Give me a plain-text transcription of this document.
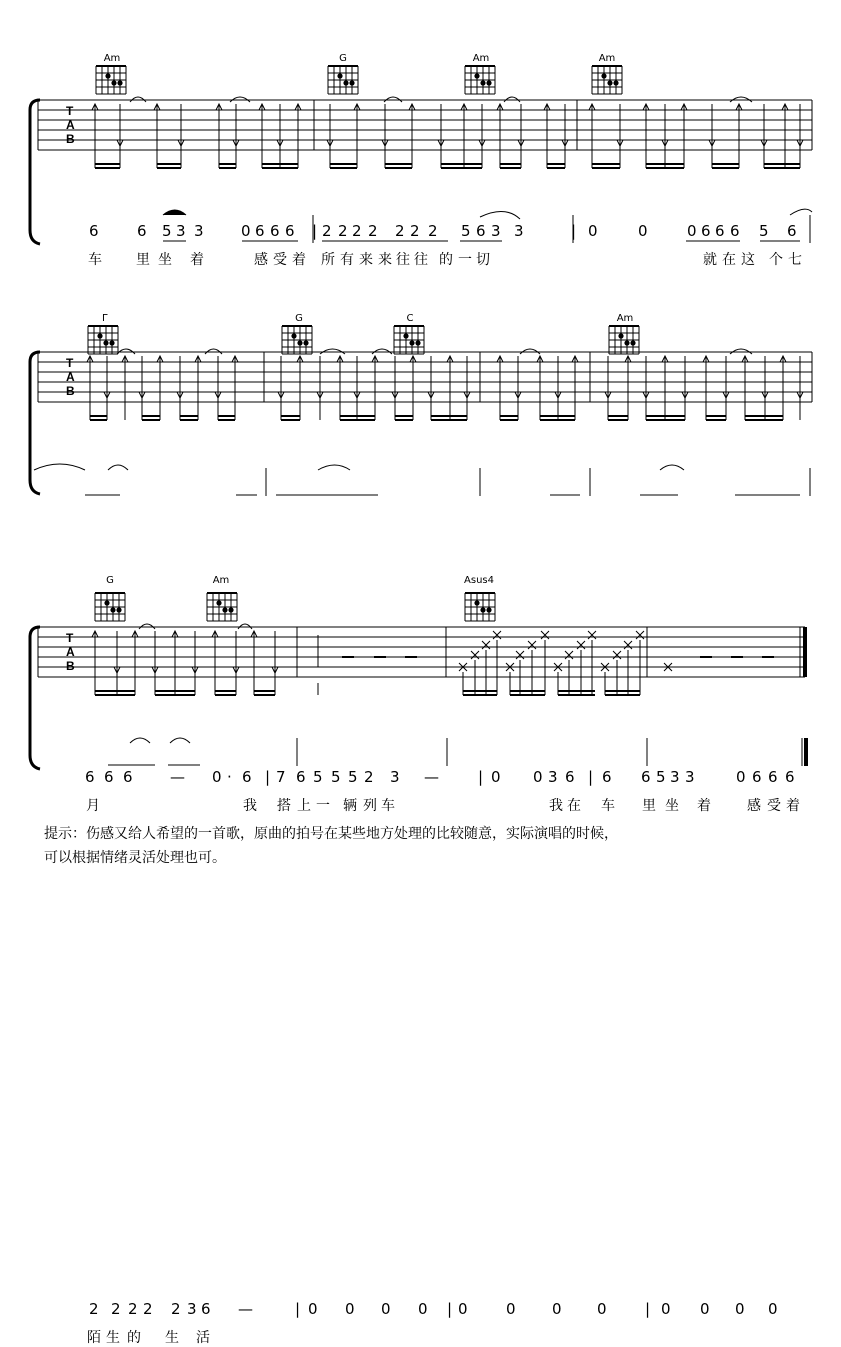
T
A
B
Am	G	Am	Am
6	6 5 3 3 0 6 6 6 | 2 2 2 2 2 2 2 5 6 3 3	| 0	0	0 6 6 6 5 6
车 里 坐 着	感 受 着 所 有 来 来 往 往 的 一 切	就 在 这 个 七
T
A
B
Г	G	C	Am
6 6 6 — 0 · 6 | 7 6 5 5 5 2 3 —	| 0 0 3 6 | 6 6 5 3 3	0 6 6 6
月	我 搭 上 一 辆 列 车	我 在 车 里 坐 着	感 受 着
T
A
B
G	Am	Asus4
2 2 2 2 2 3 6 —	| 0 0 0 0 | 0	0 0 0	| 0 0 0 0
陌 生 的 生 活
提示：伤感又给人希望的一首歌，原曲的拍号在某些地方处理的比较随意，实际演唱的时候，
可以根据情绪灵活处理也可。
